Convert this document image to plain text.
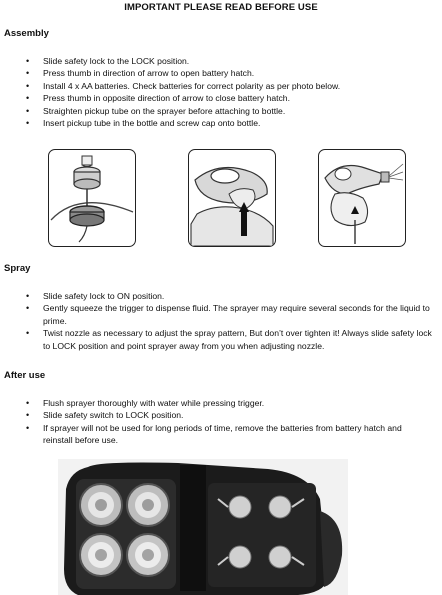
IMPORTANT PLEASE READ BEFORE USE
Assembly
• Slide safety lock to the LOCK position.
• Press thumb in direction of arrow to open battery hatch.
• Install 4 x AA batteries. Check batteries for correct polarity as per photo below.
• Press thumb in opposite direction of arrow to close battery hatch.
• Straighten pickup tube on the sprayer before attaching to bottle.
• Insert pickup tube in the bottle and screw cap onto bottle.
Spray
• Slide safety lock to ON position.
• Gently squeeze the trigger to dispense fluid. The sprayer may require several seconds for the liquid to prime.
• Twist nozzle as necessary to adjust the spray pattern, But don’t over tighten it! Always slide safety lock to LOCK position and point sprayer away from you when adjusting nozzle.
After use
• Flush sprayer thoroughly with water while pressing trigger.
• Slide safety switch to LOCK position.
• If sprayer will not be used for long periods of time, remove the batteries from battery hatch and reinstall before use.
